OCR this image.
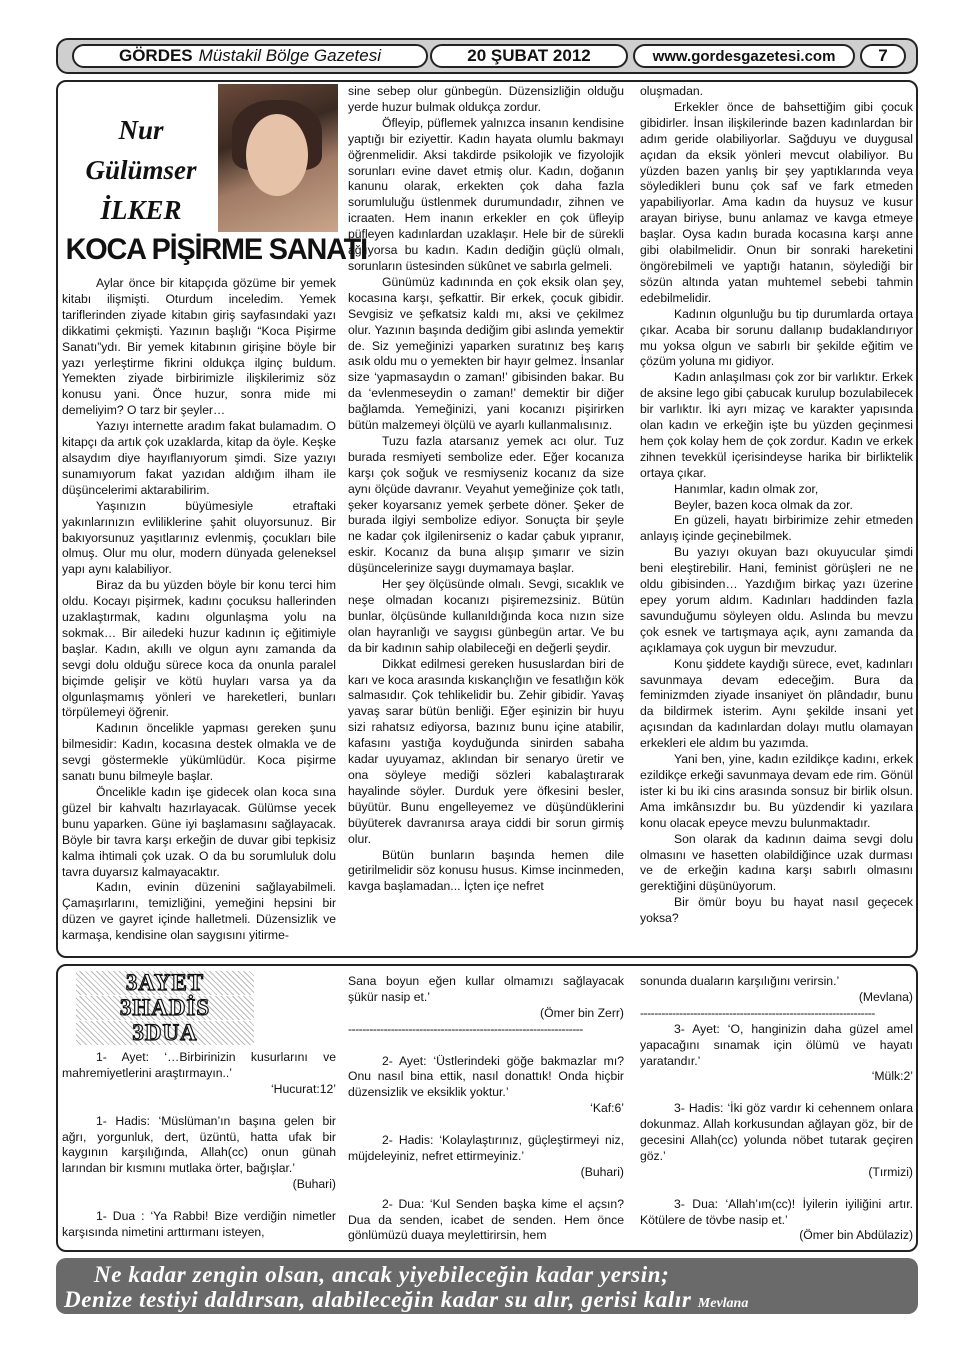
GÖRDES Müstakil Bölge Gazetesi	20 ŞUBAT 2012	www.gordesgazetesi.com	7
Nur Gülümser
İLKER
KOCA PİŞİRME SANATI

Aylar önce bir kitapçıda gözüme bir yemek kitabı ilişmişti. Oturdum inceledim. Yemek tariflerinden ziyade kitabın giriş sayfasındaki yazı dikkatimi çekmişti. Yazının başlığı “Koca Pişirme Sanatı”ydı. Bir yemek kitabının girişine böyle bir yazı yerleştirme fikrini oldukça ilginç buldum. Yemekten ziyade birbirimizle ilişkilerimiz söz konusu yani. Önce huzur, sonra mide mi demeliyim? O tarz bir şeyler…

Yazıyı internette aradım fakat bulamadım. O kitapçı da artık çok uzaklarda, kitap da öyle. Keşke alsaydım diye hayıflanıyorum şimdi. Size yazıyı sunamıyorum fakat yazıdan aldığım ilham ile düşüncelerimi aktarabilirim.

Yaşınızın büyümesiyle etraftaki yakınlarınızın evliliklerine şahit oluyorsunuz. Bir bakıyorsunuz yaşıtlarınız evlenmiş, çocukları bile olmuş. Olur mu olur, modern dünyada geleneksel yapı aynı kalabiliyor.

Biraz da bu yüzden böyle bir konu terci him oldu. Kocayı pişirmek, kadını çocuksu hallerinden uzaklaştırmak, kadını olgunlaşma yolu na sokmak… Bir ailedeki huzur kadının iç eğitimiyle başlar. Kadın, akıllı ve olgun aynı zamanda da sevgi dolu olduğu sürece koca da onunla paralel biçimde gelişir ve kötü huyları varsa ya da olgunlaşmamış yönleri ve hareketleri, bunları törpülemeyi öğrenir.

Kadının öncelikle yapması gereken şunu bilmesidir: Kadın, kocasına destek olmakla ve de sevgi göstermekle yükümlüdür. Koca pişirme sanatı bunu bilmeyle başlar.

Öncelikle kadın işe gidecek olan koca sına güzel bir kahvaltı hazırlayacak. Gülümse yecek bunu yaparken. Güne iyi başlamasını sağlayacak. Böyle bir tavra karşı erkeğin de duvar gibi tepkisiz kalma ihtimali çok uzak. O da bu sorumluluk dolu tavra duyarsız kalmayacaktır.

Kadın, evinin düzenini sağlayabilmeli. Çamaşırlarını, temizliğini, yemeğini hepsini bir düzen ve gayret içinde halletmeli. Düzensizlik ve karmaşa, kendisine olan saygısını yitirme-

sine sebep olur günbegün. Düzensizliğin olduğu yerde huzur bulmak oldukça zordur.

Öfleyip, püflemek yalnızca insanın kendisine yaptığı bir eziyettir. Kadın hayata olumlu bakmayı öğrenmelidir. Aksi takdirde psikolojik ve fizyolojik sorunları evine davet etmiş olur. Kadın, doğanın kanunu olarak, erkekten çok daha fazla sorumluluğu üstlenmek durumundadır, zihnen ve icraaten. Hem inanın erkekler en çok üfleyip püfleyen kadınlardan uzaklaşır. Hele bir de sürekli ağlıyorsa bu kadın. Kadın dediğin güçlü olmalı, sorunların üstesinden sükûnet ve sabırla gelmeli.

Günümüz kadınında en çok eksik olan şey, kocasına karşı, şefkattir. Bir erkek, çocuk gibidir. Sevgisiz ve şefkatsiz kaldı mı, aksi ve çekilmez olur. Yazının başında dediğim gibi aslında yemektir de. Siz yemeğinizi yaparken suratınız beş karış asık oldu mu o yemekten bir hayır gelmez. İnsanlar size ‘yapmasaydın o zaman!’ gibisinden bakar. Bu da ‘evlenmeseydin o zaman!’ demektir bir diğer bağlamda. Yemeğinizi, yani kocanızı pişirirken bütün malzemeyi ölçülü ve ayarlı kullanmalısınız.

Tuzu fazla atarsanız yemek acı olur. Tuz burada resmiyeti sembolize eder. Eğer kocanıza karşı çok soğuk ve resmiyseniz kocanız da size aynı ölçüde davranır. Veyahut yemeğinize çok tatlı, şeker koyarsanız yemek şerbete döner. Şeker de burada ilgiyi sembolize ediyor. Sonuçta bir şeyle ne kadar çok ilgilenirseniz o kadar çabuk yıpranır, eskir. Kocanız da buna alışıp şımarır ve sizin düşüncelerinize saygı duymamaya başlar.

Her şey ölçüsünde olmalı. Sevgi, sıcaklık ve neşe olmadan kocanızı pişiremezsiniz. Bütün bunlar, ölçüsünde kullanıldığında koca nızın size olan hayranlığı ve saygısı günbegün artar. Ve bu da bir kadının sahip olabileceği en değerli şeydir.

Dikkat edilmesi gereken hususlardan biri de karı ve koca arasında kıskançlığın ve fesatlığın kök salmasıdır. Çok tehlikelidir bu. Zehir gibidir. Yavaş yavaş sarar bütün benliği. Eğer eşinizin bir huyu sizi rahatsız ediyorsa, bazınız bunu içine atabilir, kafasını yastığa koyduğunda sinirden sabaha kadar uyuyamaz, aklından bir senaryo üretir ve ona söyleye mediği sözleri kabalaştırarak hayalinde söyler. Durduk yere öfkesini besler, büyütür. Bunu engelleyemez ve düşündüklerini büyüterek davranırsa araya ciddi bir sorun girmiş olur.

Bütün bunların başında hemen dile getirilmelidir söz konusu husus. Kimse incinmeden, kavga başlamadan... İçten içe nefret

oluşmadan.

Erkekler önce de bahsettiğim gibi çocuk gibidirler. İnsan ilişkilerinde bazen kadınlardan bir adım geride olabiliyorlar. Sağduyu ve duygusal açıdan da eksik yönleri mevcut olabiliyor. Bu yüzden bazen yanlış bir şey yaptıklarında veya söyledikleri bunu çok saf ve fark etmeden yapabiliyorlar. Ama kadın da huysuz ve kusur arayan biriyse, bunu anlamaz ve kavga etmeye başlar. Oysa kadın burada kocasına karşı anne gibi olabilmelidir. Onun bir sonraki hareketini öngörebilmeli ve yaptığı hatanın, söylediği bir sözün altında yatan muhtemel sebebi tahmin edebilmelidir.

Kadının olgunluğu bu tip durumlarda ortaya çıkar. Acaba bir sorunu dallanıp budaklandırıyor mu yoksa olgun ve sabırlı bir şekilde eğitim ve çözüm yoluna mı gidiyor.

Kadın anlaşılması çok zor bir varlıktır. Erkek de aksine lego gibi çabucak kurulup bozulabilecek bir varlıktır. İki ayrı mizaç ve karakter yapısında olan kadın ve erkeğin işte bu yüzden geçinmesi hem çok kolay hem de çok zordur. Kadın ve erkek zihnen tevekkül içerisindeyse harika bir birliktelik ortaya çıkar.

Hanımlar, kadın olmak zor,

Beyler, bazen koca olmak da zor.

En güzeli, hayatı birbirimize zehir etmeden anlayış içinde geçinebilmek.

Bu yazıyı okuyan bazı okuyucular şimdi beni eleştirebilir. Hani, feminist görüşleri ne ne oldu gibisinden… Yazdığım birkaç yazı üzerine epey yorum aldım. Kadınları haddinden fazla savunduğumu söyleyen oldu. Aslında bu mevzu çok esnek ve tartışmaya açık, aynı zamanda da açıklamaya çok uygun bir mevzudur.

Konu şiddete kaydığı sürece, evet, kadınları savunmaya devam edeceğim. Bura da feminizmden ziyade insaniyet ön plândadır, bunu da bildirmek isterim. Aynı şekilde insani yet açısından da kadınlardan dolayı mutlu olamayan erkekleri ele aldım bu yazımda.

Yani ben, yine, kadın ezildikçe kadını, erkek ezildikçe erkeği savunmaya devam ede rim. Gönül ister ki bu iki cins arasında sonsuz bir birlik olsun. Ama imkânsızdır bu. Bu yüzdendir ki yazılara konu olacak epeyce mevzu bulunmaktadır.

Son olarak da kadının daima sevgi dolu olmasını ve hasetten olabildiğince uzak durması ve de erkeğin kadına karşı sabırlı olmasını gerektiğini düşünüyorum.

Bir ömür boyu bu hayat nasıl geçecek yoksa?

3AYET
3HADİS
3DUA

1- Ayet: ‘…Birbirinizin kusurlarını ve mahremiyetlerini araştırmayın..’

‘Hucurat:12’

1- Hadis: ‘Müslüman’ın başına gelen bir ağrı, yorgunluk, dert, üzüntü, hatta ufak bir kaygının karşılığında, Allah(cc) onun günah larından bir kısmını mutlaka örter, bağışlar.’

(Buhari)

1- Dua : ‘Ya Rabbi! Bize verdiğin nimetler karşısında nimetini arttırmanı isteyen,

Sana boyun eğen kullar olmamızı sağlayacak şükür nasip et.’

(Ömer bin Zerr)

------------------------------------------------------------------

2- Ayet: ‘Üstlerindeki göğe bakmazlar mı? Onu nasıl bina ettik, nasıl donattık! Onda hiçbir düzensizlik ve eksiklik yoktur.’

‘Kaf:6’

2- Hadis: ‘Kolaylaştırınız, güçleştirmeyi niz, müjdeleyiniz, nefret ettirmeyiniz.’

(Buhari)

2- Dua: ‘Kul Senden başka kime el açsın? Dua da senden, icabet de senden. Hem önce gönlümüzü duaya meylettirirsin, hem

sonunda duaların karşılığını verirsin.’

(Mevlana)

------------------------------------------------------------------

3- Ayet: ‘O, hanginizin daha güzel amel yapacağını sınamak için ölümü ve hayatı yaratandır.’

‘Mülk:2’

3- Hadis: ‘İki göz vardır ki cehennem onlara dokunmaz. Allah korkusundan ağlayan göz, bir de gecesini Allah(cc) yolunda nöbet tutarak geçiren göz.’

(Tırmizi)

3- Dua: ‘Allah’ım(cc)! İyilerin iyiliğini artır. Kötülere de tövbe nasip et.’

(Ömer bin Abdülaziz)

Ne kadar zengin olsan, ancak yiyebileceğin kadar yersin;
Denize testiyi daldırsan, alabileceğin kadar su alır, gerisi kalır Mevlana
